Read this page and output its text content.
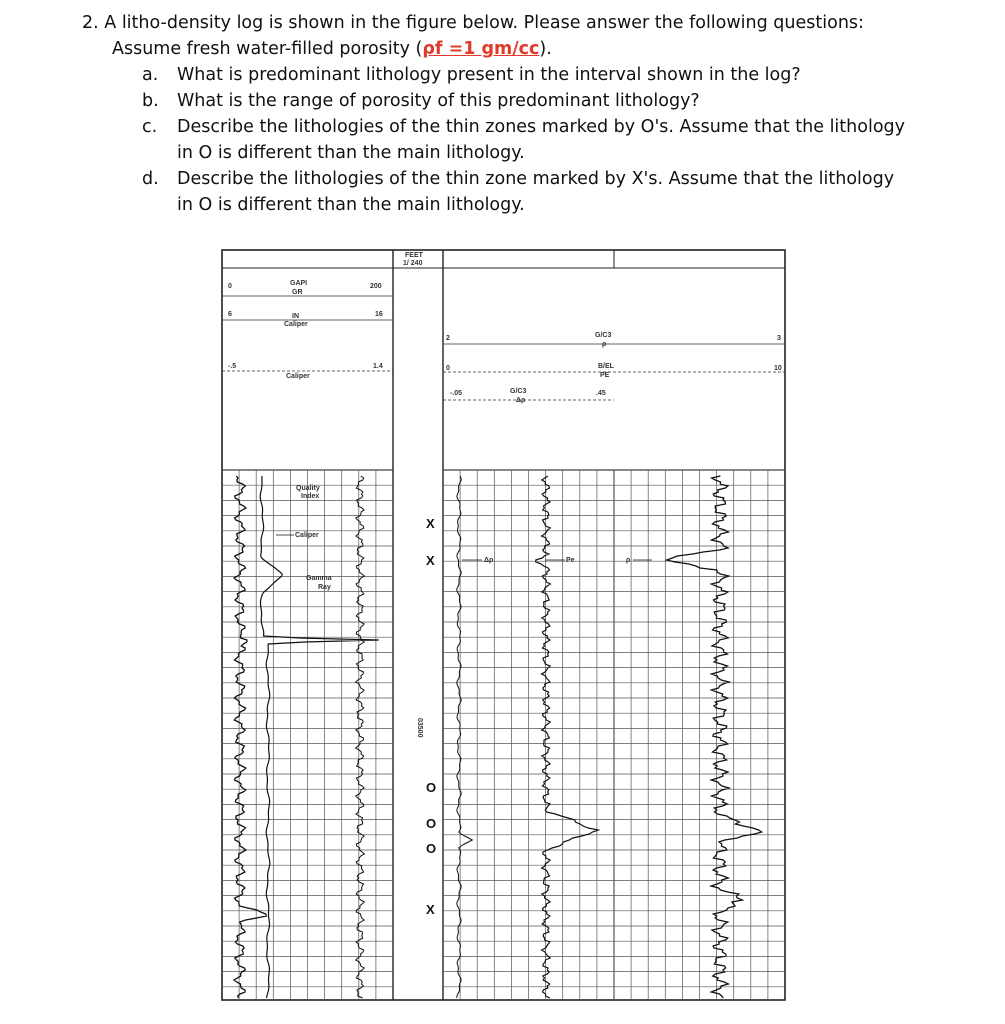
2. A litho-density log is shown in the figure below. Please answer the following questions:
Assume fresh water-filled porosity (ρf =1 gm/cc).
a. What is predominant lithology present in the interval shown in the log?
b. What is the range of porosity of this predominant lithology?
c. Describe the lithologies of the thin zones marked by O's. Assume that the lithology
in O is different than the main lithology.
d. Describe the lithologies of the thin zone marked by X's. Assume that the lithology
in O is different than the main lithology.
0	GAPI
GR
200
6	IN
Caliper
16
-.5
Caliper
1.4
FEET
1/ 240
2	G/C3
ρ
3
0	B/EL
PE
10
-.05	G/C3
Δρ
.45
Quality
Index
Caliper
Gamma
Ray
Δρ	Pe	ρ
03500
X
X
O
O
O
X
